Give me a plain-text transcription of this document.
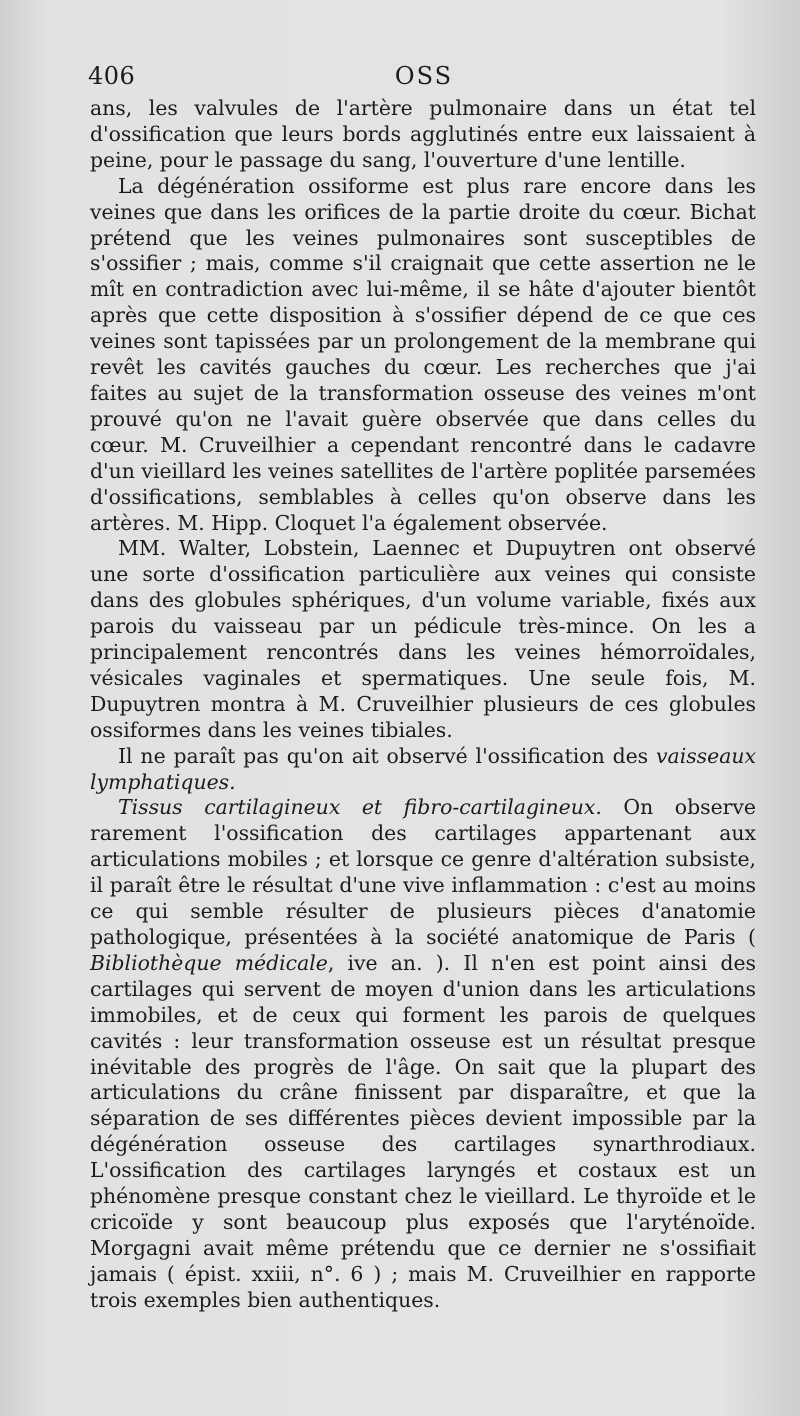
406	OSS

ans, les valvules de l'artère pulmonaire dans un état tel d'ossification que leurs bords agglutinés entre eux laissaient à peine, pour le passage du sang, l'ouverture d'une lentille.

La dégénération ossiforme est plus rare encore dans les veines que dans les orifices de la partie droite du cœur. Bichat prétend que les veines pulmonaires sont susceptibles de s'ossifier ; mais, comme s'il craignait que cette assertion ne le mît en contradiction avec lui-même, il se hâte d'ajouter bientôt après que cette disposition à s'ossifier dépend de ce que ces veines sont tapissées par un prolongement de la membrane qui revêt les cavités gauches du cœur. Les recherches que j'ai faites au sujet de la transformation osseuse des veines m'ont prouvé qu'on ne l'avait guère observée que dans celles du cœur. M. Cruveilhier a cependant rencontré dans le cadavre d'un vieillard les veines satellites de l'artère poplitée parsemées d'ossifications, semblables à celles qu'on observe dans les artères. M. Hipp. Cloquet l'a également observée.

MM. Walter, Lobstein, Laennec et Dupuytren ont observé une sorte d'ossification particulière aux veines qui consiste dans des globules sphériques, d'un volume variable, fixés aux parois du vaisseau par un pédicule très-mince. On les a principalement rencontrés dans les veines hémorroïdales, vésicales vaginales et spermatiques. Une seule fois, M. Dupuytren montra à M. Cruveilhier plusieurs de ces globules ossiformes dans les veines tibiales.

Il ne paraît pas qu'on ait observé l'ossification des vaisseaux lymphatiques.

Tissus cartilagineux et fibro-cartilagineux. On observe rarement l'ossification des cartilages appartenant aux articulations mobiles ; et lorsque ce genre d'altération subsiste, il paraît être le résultat d'une vive inflammation : c'est au moins ce qui semble résulter de plusieurs pièces d'anatomie pathologique, présentées à la société anatomique de Paris ( Bibliothèque médicale, ive an. ). Il n'en est point ainsi des cartilages qui servent de moyen d'union dans les articulations immobiles, et de ceux qui forment les parois de quelques cavités : leur transformation osseuse est un résultat presque inévitable des progrès de l'âge. On sait que la plupart des articulations du crâne finissent par disparaître, et que la séparation de ses différentes pièces devient impossible par la dégénération osseuse des cartilages synarthrodiaux. L'ossification des cartilages laryngés et costaux est un phénomène presque constant chez le vieillard. Le thyroïde et le cricoïde y sont beaucoup plus exposés que l'aryténoïde. Morgagni avait même prétendu que ce dernier ne s'ossifiait jamais ( épist. xxiii, n°. 6 ) ; mais M. Cruveilhier en rapporte trois exemples bien authentiques.
